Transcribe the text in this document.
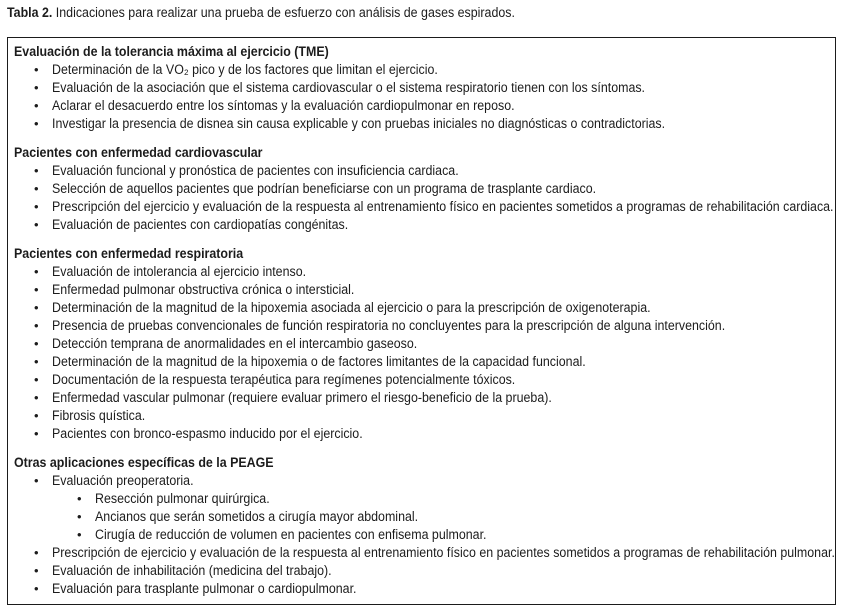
Tabla 2. Indicaciones para realizar una prueba de esfuerzo con análisis de gases espirados.

Evaluación de la tolerancia máxima al ejercicio (TME)
• Determinación de la VO₂ pico y de los factores que limitan el ejercicio.
• Evaluación de la asociación que el sistema cardiovascular o el sistema respiratorio tienen con los síntomas.
• Aclarar el desacuerdo entre los síntomas y la evaluación cardiopulmonar en reposo.
• Investigar la presencia de disnea sin causa explicable y con pruebas iniciales no diagnósticas o contradictorias.
Pacientes con enfermedad cardiovascular
• Evaluación funcional y pronóstica de pacientes con insuficiencia cardiaca.
• Selección de aquellos pacientes que podrían beneficiarse con un programa de trasplante cardiaco.
• Prescripción del ejercicio y evaluación de la respuesta al entrenamiento físico en pacientes sometidos a programas de rehabilitación cardiaca.
• Evaluación de pacientes con cardiopatías congénitas.
Pacientes con enfermedad respiratoria
• Evaluación de intolerancia al ejercicio intenso.
• Enfermedad pulmonar obstructiva crónica o intersticial.
• Determinación de la magnitud de la hipoxemia asociada al ejercicio o para la prescripción de oxigenoterapia.
• Presencia de pruebas convencionales de función respiratoria no concluyentes para la prescripción de alguna intervención.
• Detección temprana de anormalidades en el intercambio gaseoso.
• Determinación de la magnitud de la hipoxemia o de factores limitantes de la capacidad funcional.
• Documentación de la respuesta terapéutica para regímenes potencialmente tóxicos.
• Enfermedad vascular pulmonar (requiere evaluar primero el riesgo-beneficio de la prueba).
• Fibrosis quística.
• Pacientes con bronco-espasmo inducido por el ejercicio.
Otras aplicaciones específicas de la PEAGE
• Evaluación preoperatoria.
• Resección pulmonar quirúrgica.
• Ancianos que serán sometidos a cirugía mayor abdominal.
• Cirugía de reducción de volumen en pacientes con enfisema pulmonar.
• Prescripción de ejercicio y evaluación de la respuesta al entrenamiento físico en pacientes sometidos a programas de rehabilitación pulmonar.
• Evaluación de inhabilitación (medicina del trabajo).
• Evaluación para trasplante pulmonar o cardiopulmonar.
